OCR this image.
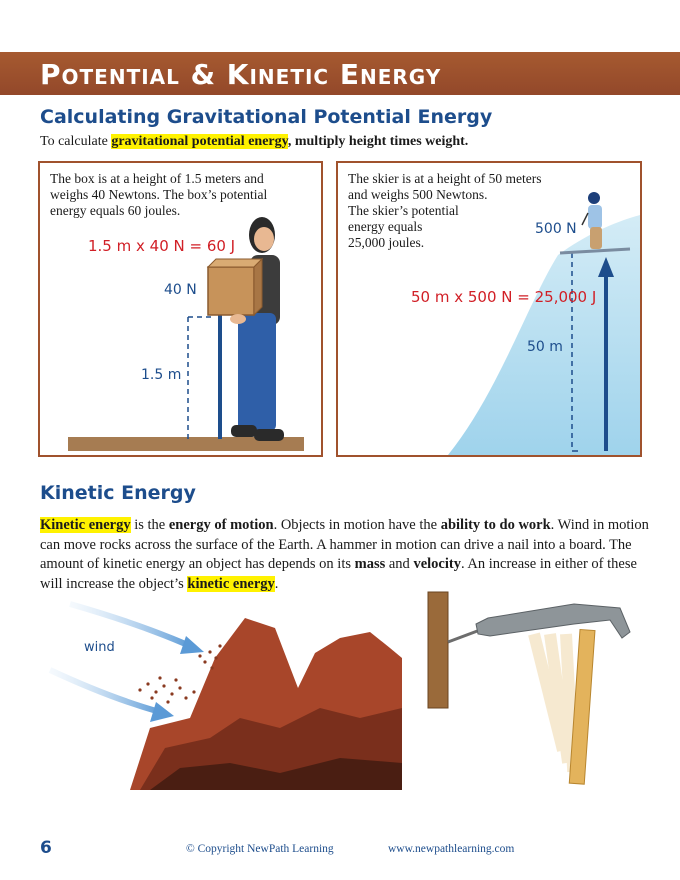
Potential & Kinetic Energy
Calculating Gravitational Potential Energy
To calculate gravitational potential energy, multiply height times weight.
The box is at a height of 1.5 meters and
weighs 40 Newtons. The box’s potential
energy equals 60 joules.
1.5 m x 40 N = 60 J
40 N
1.5 m
The skier is at a height of 50 meters
and weighs 500 Newtons.
The skier’s potential
energy equals
25,000 joules.
500 N
50 m x 500 N = 25,000 J
50 m
Kinetic Energy
Kinetic energy is the energy of motion. Objects in motion have the ability to do work. Wind in motion can move rocks across the surface of the Earth. A hammer in motion can drive a nail into a board. The amount of kinetic energy an object has depends on its mass and velocity. An increase in either of these will increase the object’s kinetic energy.
wind
6	© Copyright NewPath Learning	www.newpathlearning.com
